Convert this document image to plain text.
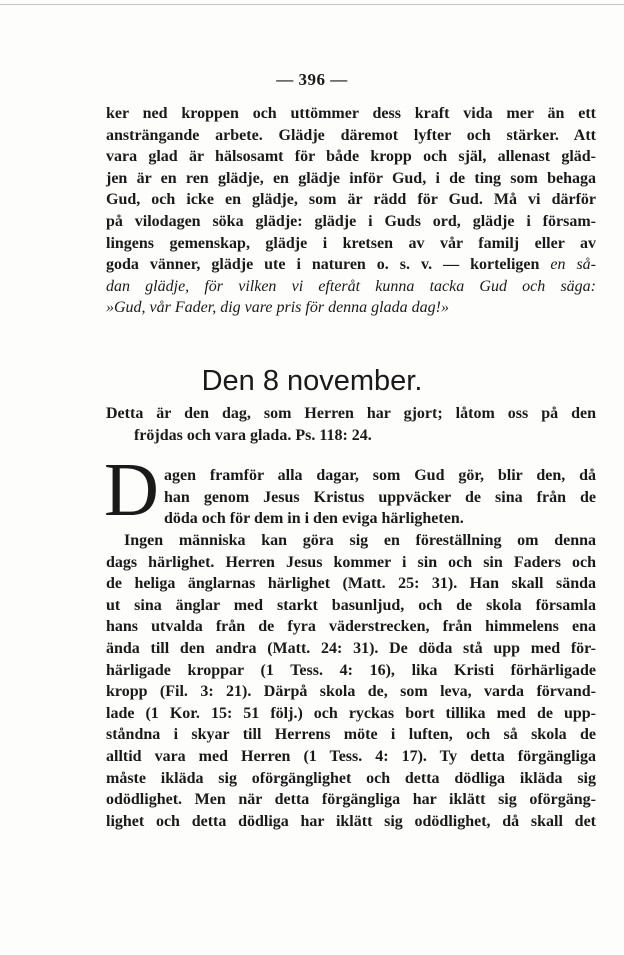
— 396 —
ker ned kroppen och uttömmer dess kraft vida mer än ett
ansträngande arbete. Glädje däremot lyfter och stärker. Att
vara glad är hälsosamt för både kropp och själ, allenast gläd-
jen är en ren glädje, en glädje inför Gud, i de ting som behaga
Gud, och icke en glädje, som är rädd för Gud. Må vi därför
på vilodagen söka glädje: glädje i Guds ord, glädje i försam-
lingens gemenskap, glädje i kretsen av vår familj eller av
goda vänner, glädje ute i naturen o. s. v. — korteligen en så-
dan glädje, för vilken vi efteråt kunna tacka Gud och säga:
»Gud, vår Fader, dig vare pris för denna glada dag!»
Den 8 november.
Detta är den dag, som Herren har gjort; låtom oss på den
fröjdas och vara glada. Ps. 118: 24.
D agen framför alla dagar, som Gud gör, blir den, då
han genom Jesus Kristus uppväcker de sina från de
döda och för dem in i den eviga härligheten.
Ingen människa kan göra sig en föreställning om denna
dags härlighet. Herren Jesus kommer i sin och sin Faders och
de heliga änglarnas härlighet (Matt. 25: 31). Han skall sända
ut sina änglar med starkt basunljud, och de skola församla
hans utvalda från de fyra väderstrecken, från himmelens ena
ända till den andra (Matt. 24: 31). De döda stå upp med för-
härligade kroppar (1 Tess. 4: 16), lika Kristi förhärligade
kropp (Fil. 3: 21). Därpå skola de, som leva, varda förvand-
lade (1 Kor. 15: 51 följ.) och ryckas bort tillika med de upp-
ståndna i skyar till Herrens möte i luften, och så skola de
alltid vara med Herren (1 Tess. 4: 17). Ty detta förgängliga
måste ikläda sig oförgänglighet och detta dödliga ikläda sig
odödlighet. Men när detta förgängliga har iklätt sig oförgäng-
lighet och detta dödliga har iklätt sig odödlighet, då skall det
